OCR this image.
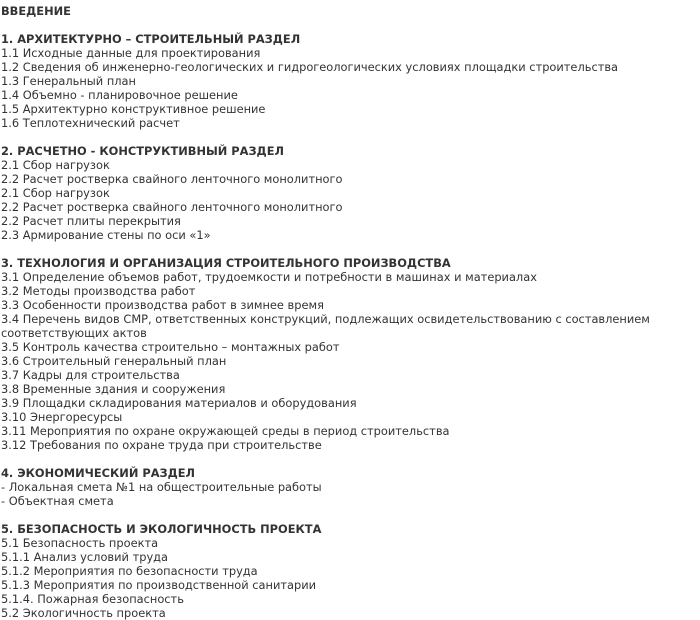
ВВЕДЕНИЕ
1. АРХИТЕКТУРНО – СТРОИТЕЛЬНЫЙ РАЗДЕЛ
1.1 Исходные данные для проектирования
1.2 Сведения об инженерно-геологических и гидрогеологических условиях площадки строительства
1.3 Генеральный план
1.4 Объемно - планировочное решение
1.5 Архитектурно конструктивное решение
1.6 Теплотехнический расчет
2. РАСЧЕТНО - КОНСТРУКТИВНЫЙ РАЗДЕЛ
2.1 Сбор нагрузок
2.2 Расчет ростверка свайного ленточного монолитного
2.1 Сбор нагрузок
2.2 Расчет ростверка свайного ленточного монолитного
2.2 Расчет плиты перекрытия
2.3 Армирование стены по оси «1»
3. ТЕХНОЛОГИЯ И ОРГАНИЗАЦИЯ СТРОИТЕЛЬНОГО ПРОИЗВОДСТВА
3.1 Определение объемов работ, трудоемкости и потребности в машинах и материалах
3.2 Методы производства работ
3.3 Особенности производства работ в зимнее время
3.4 Перечень видов СМР, ответственных конструкций, подлежащих освидетельствованию с составлением соответствующих актов
3.5 Контроль качества строительно – монтажных работ
3.6 Строительный генеральный план
3.7 Кадры для строительства
3.8 Временные здания и сооружения
3.9 Площадки складирования материалов и оборудования
3.10 Энергоресурсы
3.11 Мероприятия по охране окружающей среды в период строительства
3.12 Требования по охране труда при строительстве
4. ЭКОНОМИЧЕСКИЙ РАЗДЕЛ
- Локальная смета №1 на общестроительные работы
- Объектная смета
5. БЕЗОПАСНОСТЬ И ЭКОЛОГИЧНОСТЬ ПРОЕКТА
5.1 Безопасность проекта
5.1.1 Анализ условий труда
5.1.2 Мероприятия по безопасности труда
5.1.3 Мероприятия по производственной санитарии
5.1.4. Пожарная безопасность
5.2 Экологичность проекта
